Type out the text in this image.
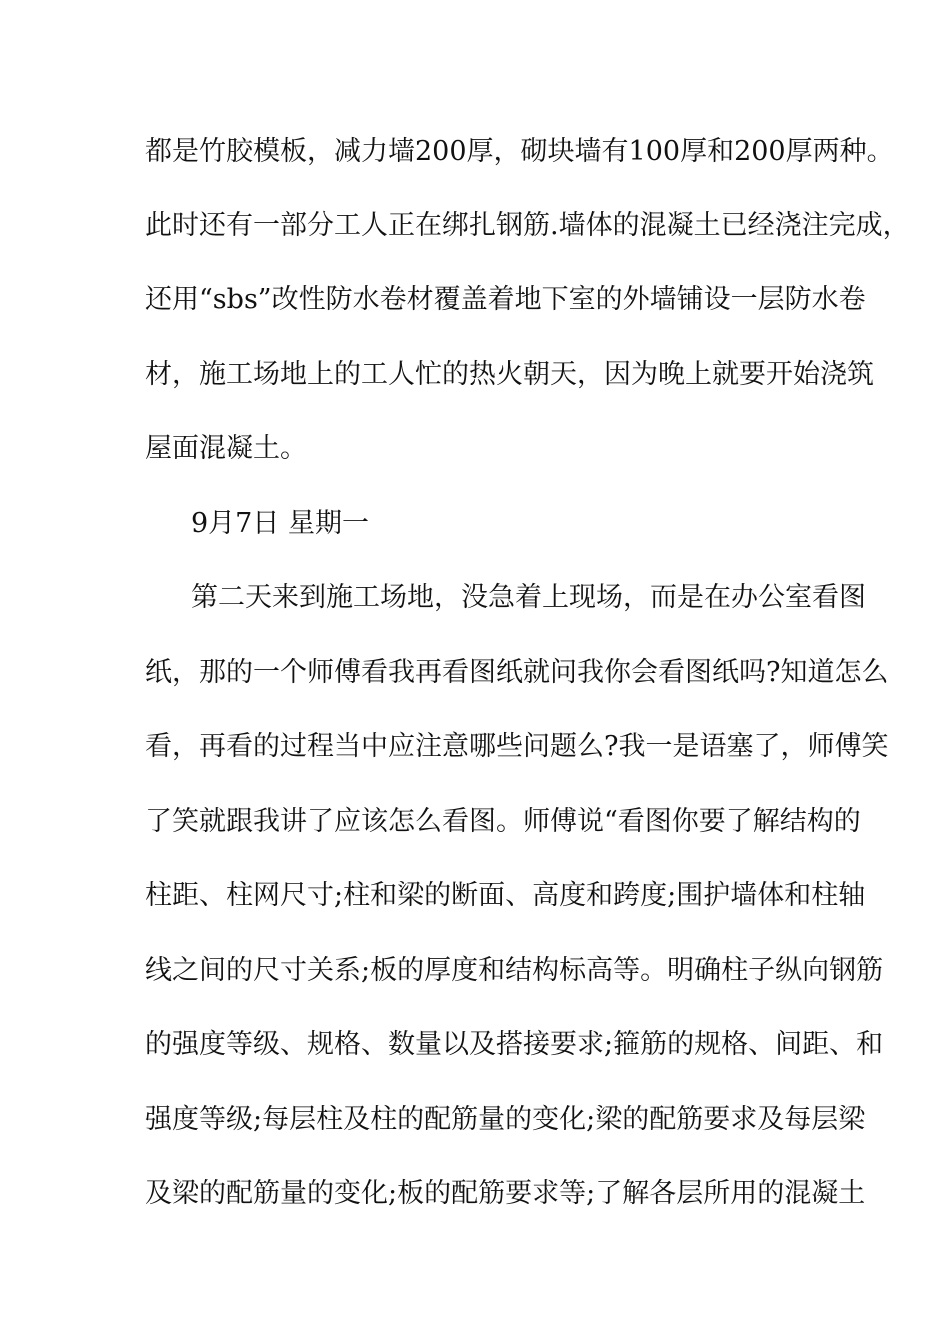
都是竹胶模板，减力墙200厚，砌块墙有100厚和200厚两种。
此时还有一部分工人正在绑扎钢筋.墙体的混凝土已经浇注完成，
还用“sbs”改性防水卷材覆盖着地下室的外墙铺设一层防水卷
材，施工场地上的工人忙的热火朝天，因为晚上就要开始浇筑
屋面混凝土。
9月7日 星期一
第二天来到施工场地，没急着上现场，而是在办公室看图
纸，那的一个师傅看我再看图纸就问我你会看图纸吗?知道怎么
看，再看的过程当中应注意哪些问题么?我一是语塞了，师傅笑
了笑就跟我讲了应该怎么看图。师傅说“看图你要了解结构的
柱距、柱网尺寸;柱和梁的断面、高度和跨度;围护墙体和柱轴
线之间的尺寸关系;板的厚度和结构标高等。明确柱子纵向钢筋
的强度等级、规格、数量以及搭接要求;箍筋的规格、间距、和
强度等级;每层柱及柱的配筋量的变化;梁的配筋要求及每层梁
及梁的配筋量的变化;板的配筋要求等;了解各层所用的混凝土
